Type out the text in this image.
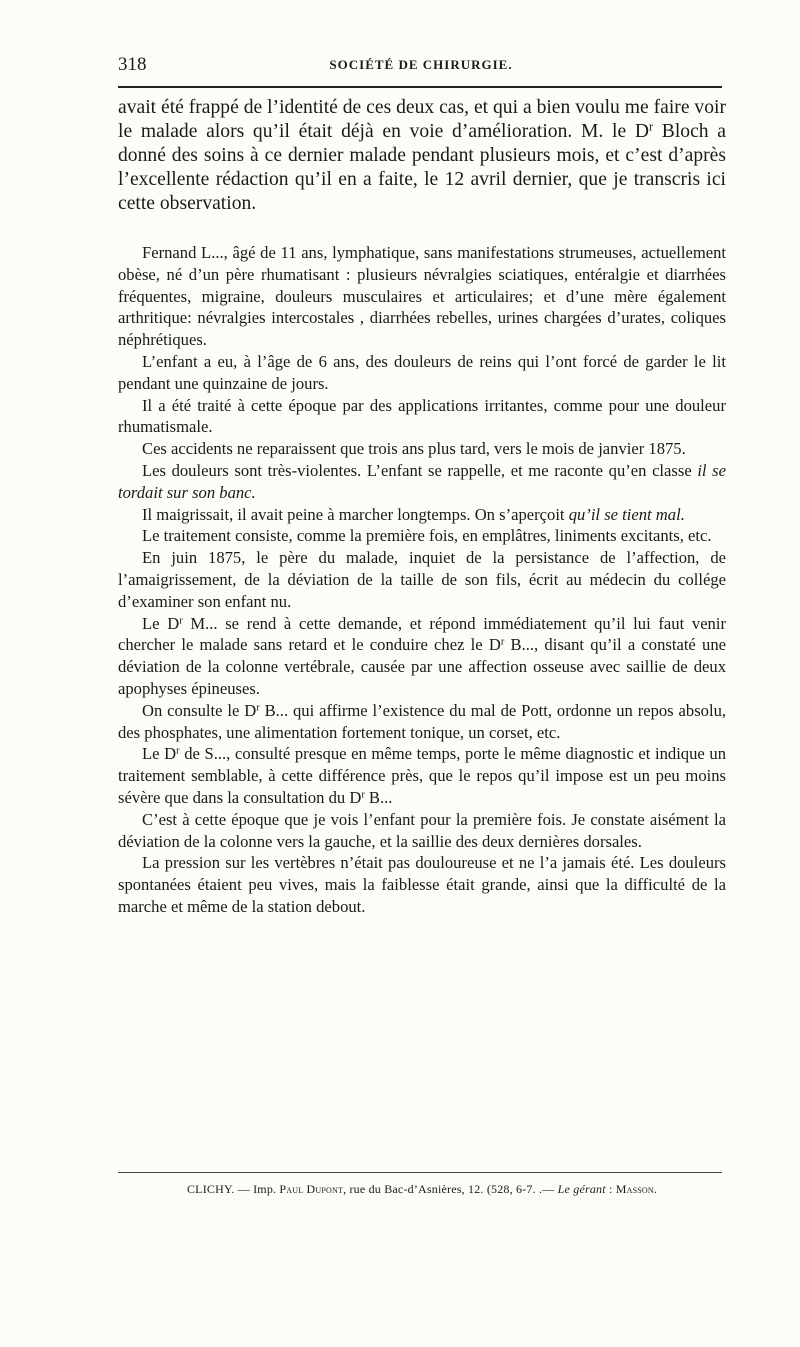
318	SOCIÉTÉ DE CHIRURGIE.

avait été frappé de l’identité de ces deux cas, et qui a bien voulu me faire voir le malade alors qu’il était déjà en voie d’amélioration. M. le $D^r$ Bloch a donné des soins à ce dernier malade pendant plusieurs mois, et c’est d’après l’excellente rédaction qu’il en a faite, le 12 avril dernier, que je transcris ici cette observation.

Fernand L..., âgé de 11 ans, lymphatique, sans manifestations strumeuses, actuellement obèse, né d’un père rhumatisant : plusieurs névralgies sciatiques, entéralgie et diarrhées fréquentes, migraine, douleurs musculaires et articulaires; et d’une mère également arthritique: névralgies intercostales , diarrhées rebelles, urines chargées d’urates, coliques néphrétiques.

L’enfant a eu, à l’âge de 6 ans, des douleurs de reins qui l’ont forcé de garder le lit pendant une quinzaine de jours.

Il a été traité à cette époque par des applications irritantes, comme pour une douleur rhumatismale.

Ces accidents ne reparaissent que trois ans plus tard, vers le mois de janvier 1875.

Les douleurs sont très-violentes. L’enfant se rappelle, et me raconte qu’en classe il se tordait sur son banc.

Il maigrissait, il avait peine à marcher longtemps. On s’aperçoit qu’il se tient mal.

Le traitement consiste, comme la première fois, en emplâtres, liniments excitants, etc.

En juin 1875, le père du malade, inquiet de la persistance de l’affection, de l’amaigrissement, de la déviation de la taille de son fils, écrit au médecin du collége d’examiner son enfant nu.

Le $D^r$ M... se rend à cette demande, et répond immédiatement qu’il lui faut venir chercher le malade sans retard et le conduire chez le $D^r$ B..., disant qu’il a constaté une déviation de la colonne vertébrale, causée par une affection osseuse avec saillie de deux apophyses épineuses.

On consulte le $D^r$ B... qui affirme l’existence du mal de Pott, ordonne un repos absolu, des phosphates, une alimentation fortement tonique, un corset, etc.

Le $D^r$ de S..., consulté presque en même temps, porte le même diagnostic et indique un traitement semblable, à cette différence près, que le repos qu’il impose est un peu moins sévère que dans la consultation du $D^r$ B...

C’est à cette époque que je vois l’enfant pour la première fois. Je constate aisément la déviation de la colonne vers la gauche, et la saillie des deux dernières dorsales.

La pression sur les vertèbres n’était pas douloureuse et ne l’a jamais été. Les douleurs spontanées étaient peu vives, mais la faiblesse était grande, ainsi que la difficulté de la marche et même de la station debout.

CLICHY. — Imp. Paul Dupont, rue du Bac-d’Asnières, 12. (528, 6-7. .— Le gérant : Masson.
